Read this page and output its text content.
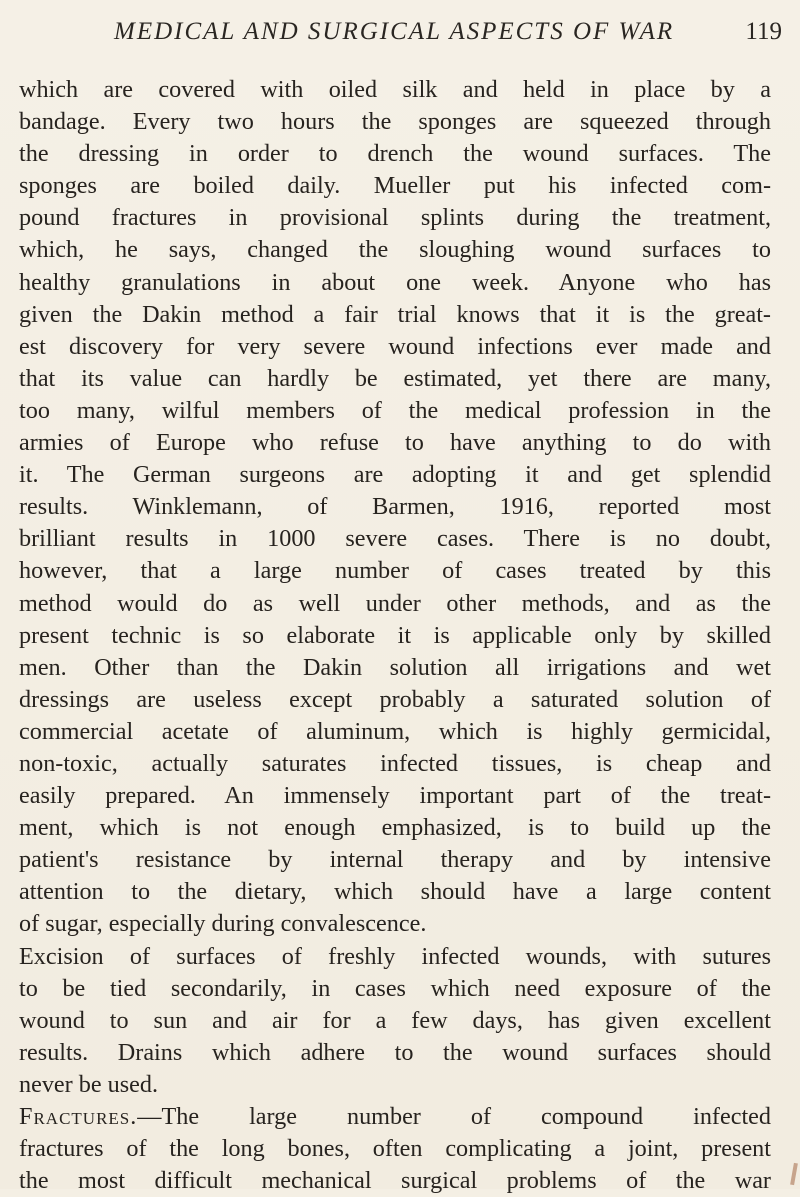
MEDICAL AND SURGICAL ASPECTS OF WAR	119
which are covered with oiled silk and held in place by a
bandage. Every two hours the sponges are squeezed through
the dressing in order to drench the wound surfaces. The
sponges are boiled daily. Mueller put his infected com-
pound fractures in provisional splints during the treatment,
which, he says, changed the sloughing wound surfaces to
healthy granulations in about one week. Anyone who has
given the Dakin method a fair trial knows that it is the great-
est discovery for very severe wound infections ever made and
that its value can hardly be estimated, yet there are many,
too many, wilful members of the medical profession in the
armies of Europe who refuse to have anything to do with
it. The German surgeons are adopting it and get splendid
results. Winklemann, of Barmen, 1916, reported most
brilliant results in 1000 severe cases. There is no doubt,
however, that a large number of cases treated by this
method would do as well under other methods, and as the
present technic is so elaborate it is applicable only by skilled
men. Other than the Dakin solution all irrigations and wet
dressings are useless except probably a saturated solution of
commercial acetate of aluminum, which is highly germicidal,
non-toxic, actually saturates infected tissues, is cheap and
easily prepared. An immensely important part of the treat-
ment, which is not enough emphasized, is to build up the
patient's resistance by internal therapy and by intensive
attention to the dietary, which should have a large content
of sugar, especially during convalescence.
Excision of surfaces of freshly infected wounds, with sutures
to be tied secondarily, in cases which need exposure of the
wound to sun and air for a few days, has given excellent
results. Drains which adhere to the wound surfaces should
never be used.
Fractures.—The large number of compound infected
fractures of the long bones, often complicating a joint, present
the most difficult mechanical surgical problems of the war
